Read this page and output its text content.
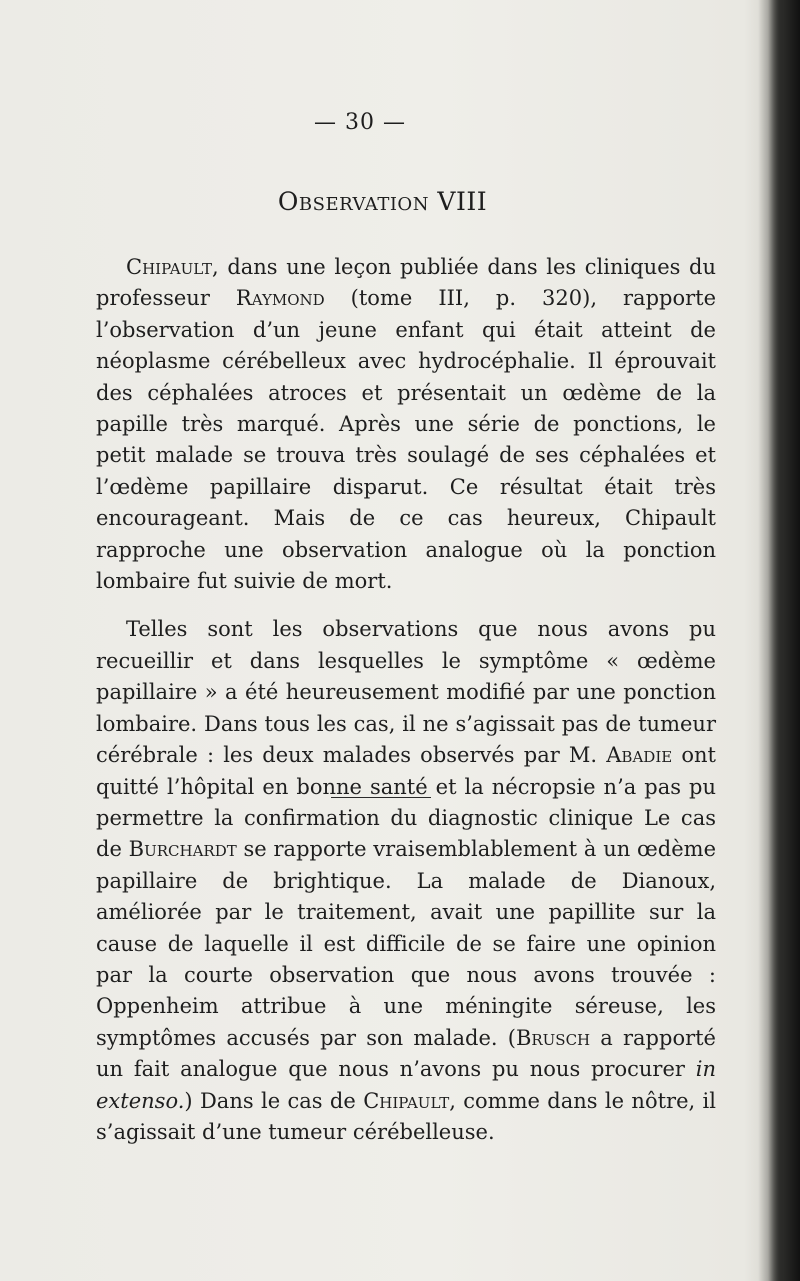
— 30 —
Observation VIII

Chipault, dans une leçon publiée dans les cliniques du professeur Raymond (tome III, p. 320), rapporte l’observation d’un jeune enfant qui était atteint de néoplasme cérébelleux avec hydrocéphalie. Il éprouvait des céphalées atroces et présentait un œdème de la papille très marqué. Après une série de ponctions, le petit malade se trouva très soulagé de ses céphalées et l’œdème papillaire disparut. Ce résultat était très encourageant. Mais de ce cas heureux, Chipault rapproche une observation analogue où la ponction lombaire fut suivie de mort.

Telles sont les observations que nous avons pu recueillir et dans lesquelles le symptôme « œdème papillaire » a été heureusement modifié par une ponction lombaire. Dans tous les cas, il ne s’agissait pas de tumeur cérébrale : les deux malades observés par M. Abadie ont quitté l’hôpital en bonne santé et la nécropsie n’a pas pu permettre la confirmation du diagnostic clinique Le cas de Burchardt se rapporte vraisemblablement à un œdème papillaire de brightique. La malade de Dianoux, améliorée par le traitement, avait une papillite sur la cause de laquelle il est difficile de se faire une opinion par la courte observation que nous avons trouvée : Oppenheim attribue à une méningite séreuse, les symptômes accusés par son malade. (Brusch a rapporté un fait analogue que nous n’avons pu nous procurer in extenso.) Dans le cas de Chipault, comme dans le nôtre, il s’agissait d’une tumeur cérébelleuse.
